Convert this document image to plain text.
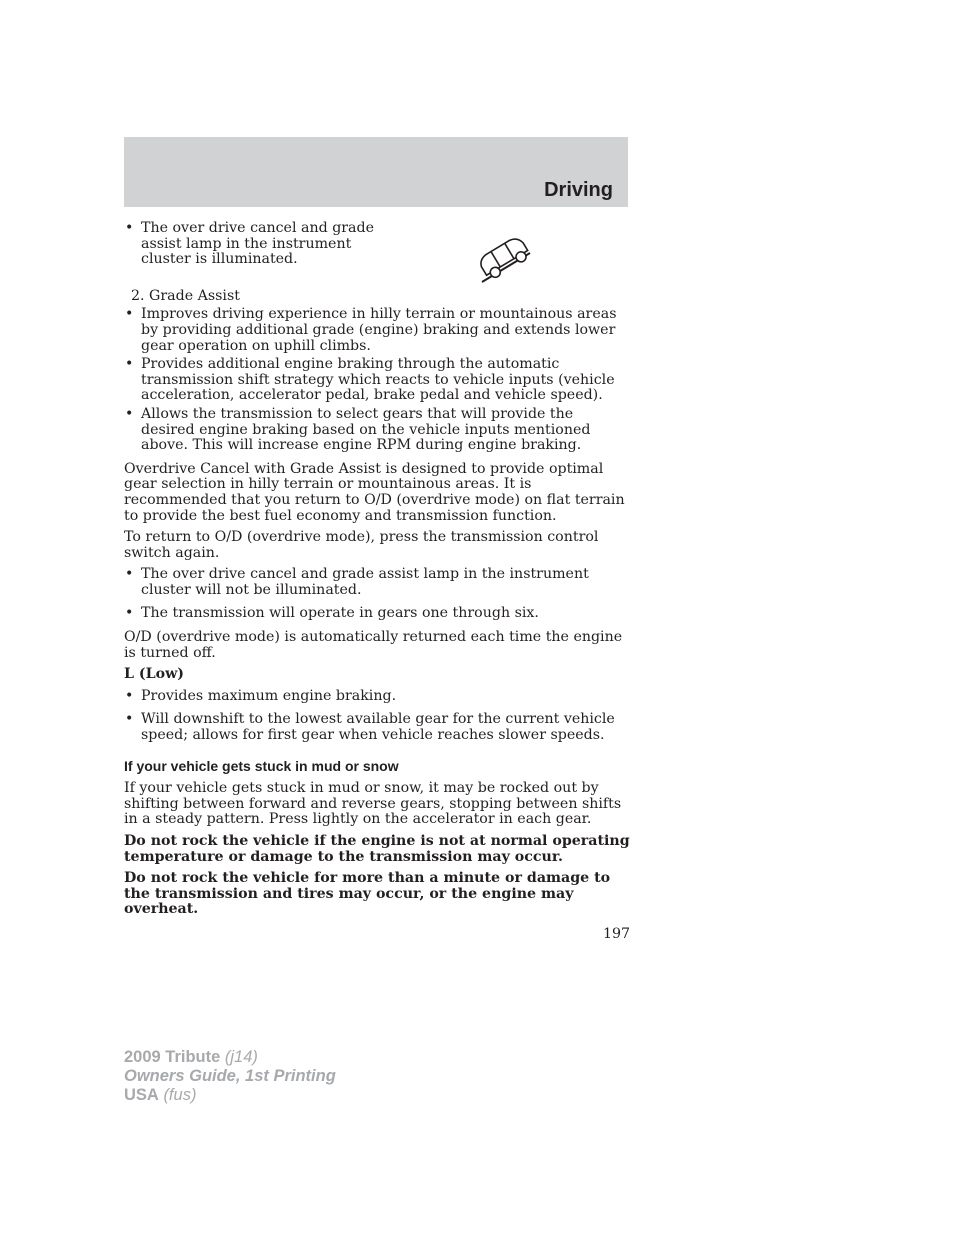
Driving
• The over drive cancel and grade assist lamp in the instrument cluster is illuminated.
2. Grade Assist
• Improves driving experience in hilly terrain or mountainous areas by providing additional grade (engine) braking and extends lower gear operation on uphill climbs.
• Provides additional engine braking through the automatic transmission shift strategy which reacts to vehicle inputs (vehicle acceleration, accelerator pedal, brake pedal and vehicle speed).
• Allows the transmission to select gears that will provide the desired engine braking based on the vehicle inputs mentioned above. This will increase engine RPM during engine braking.

Overdrive Cancel with Grade Assist is designed to provide optimal gear selection in hilly terrain or mountainous areas. It is recommended that you return to O/D (overdrive mode) on flat terrain to provide the best fuel economy and transmission function.

To return to O/D (overdrive mode), press the transmission control switch again.

• The over drive cancel and grade assist lamp in the instrument cluster will not be illuminated.
• The transmission will operate in gears one through six.

O/D (overdrive mode) is automatically returned each time the engine is turned off.

L (Low)

• Provides maximum engine braking.
• Will downshift to the lowest available gear for the current vehicle speed; allows for first gear when vehicle reaches slower speeds.
If your vehicle gets stuck in mud or snow

If your vehicle gets stuck in mud or snow, it may be rocked out by shifting between forward and reverse gears, stopping between shifts in a steady pattern. Press lightly on the accelerator in each gear.

Do not rock the vehicle if the engine is not at normal operating temperature or damage to the transmission may occur.

Do not rock the vehicle for more than a minute or damage to the transmission and tires may occur, or the engine may overheat.

197
2009 Tribute (j14)
Owners Guide, 1st Printing
USA (fus)
